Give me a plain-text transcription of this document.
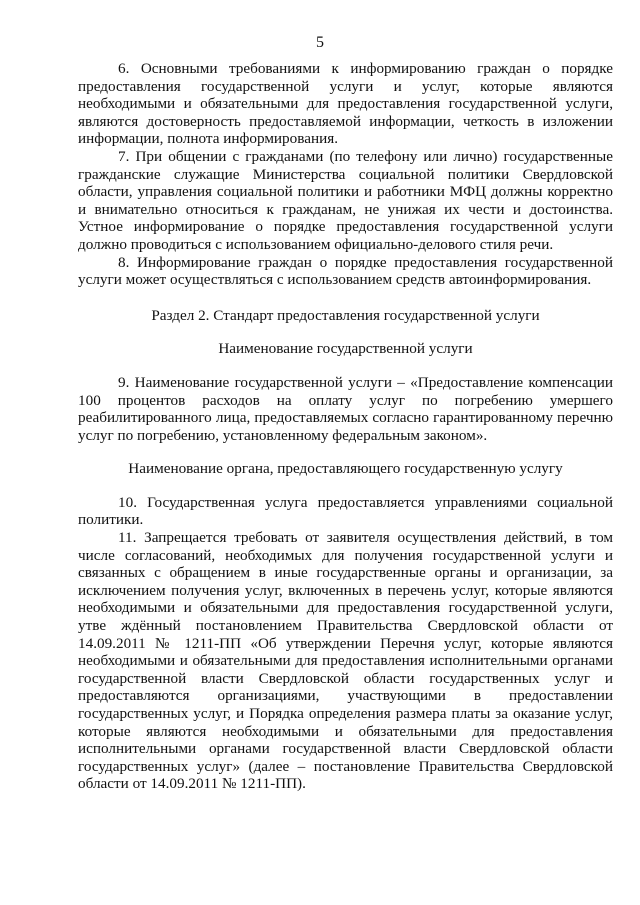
5

6. Основными требованиями к информированию граждан о порядке предоставления государственной услуги и услуг, которые являются необходимыми и обязательными для предоставления государственной услуги, являются достоверность предоставляемой информации, четкость в изложении информации, полнота информирования.

7. При общении с гражданами (по телефону или лично) государственные гражданские служащие Министерства социальной политики Свердловской области, управления социальной политики и работники МФЦ должны корректно и внимательно относиться к гражданам, не унижая их чести и достоинства. Устное информирование о порядке предоставления государственной услуги должно проводиться с использованием официально-делового стиля речи.

8. Информирование граждан о порядке предоставления государственной услуги может осуществляться с использованием средств автоинформирования.

Раздел 2. Стандарт предоставления государственной услуги

Наименование государственной услуги

9. Наименование государственной услуги – «Предоставление компенсации 100 процентов расходов на оплату услуг по погребению умершего реабилитированного лица, предоставляемых согласно гарантированному перечню услуг по погребению, установленному федеральным законом».

Наименование органа, предоставляющего государственную услугу

10. Государственная услуга предоставляется управлениями социальной политики.

11. Запрещается требовать от заявителя осуществления действий, в том числе согласований, необходимых для получения государственной услуги и связанных с обращением в иные государственные органы и организации, за исключением получения услуг, включенных в перечень услуг, которые являются необходимыми и обязательными для предоставления государственной услуги, утве ждённый постановлением Правительства Свердловской области от 14.09.2011 № 1211-ПП «Об утверждении Перечня услуг, которые являются необходимыми и обязательными для предоставления исполнительными органами государственной власти Свердловской области государственных услуг и предоставляются организациями, участвующими в предоставлении государственных услуг, и Порядка определения размера платы за оказание услуг, которые являются необходимыми и обязательными для предоставления исполнительными органами государственной власти Свердловской области государственных услуг» (далее – постановление Правительства Свердловской области от 14.09.2011 № 1211-ПП).
